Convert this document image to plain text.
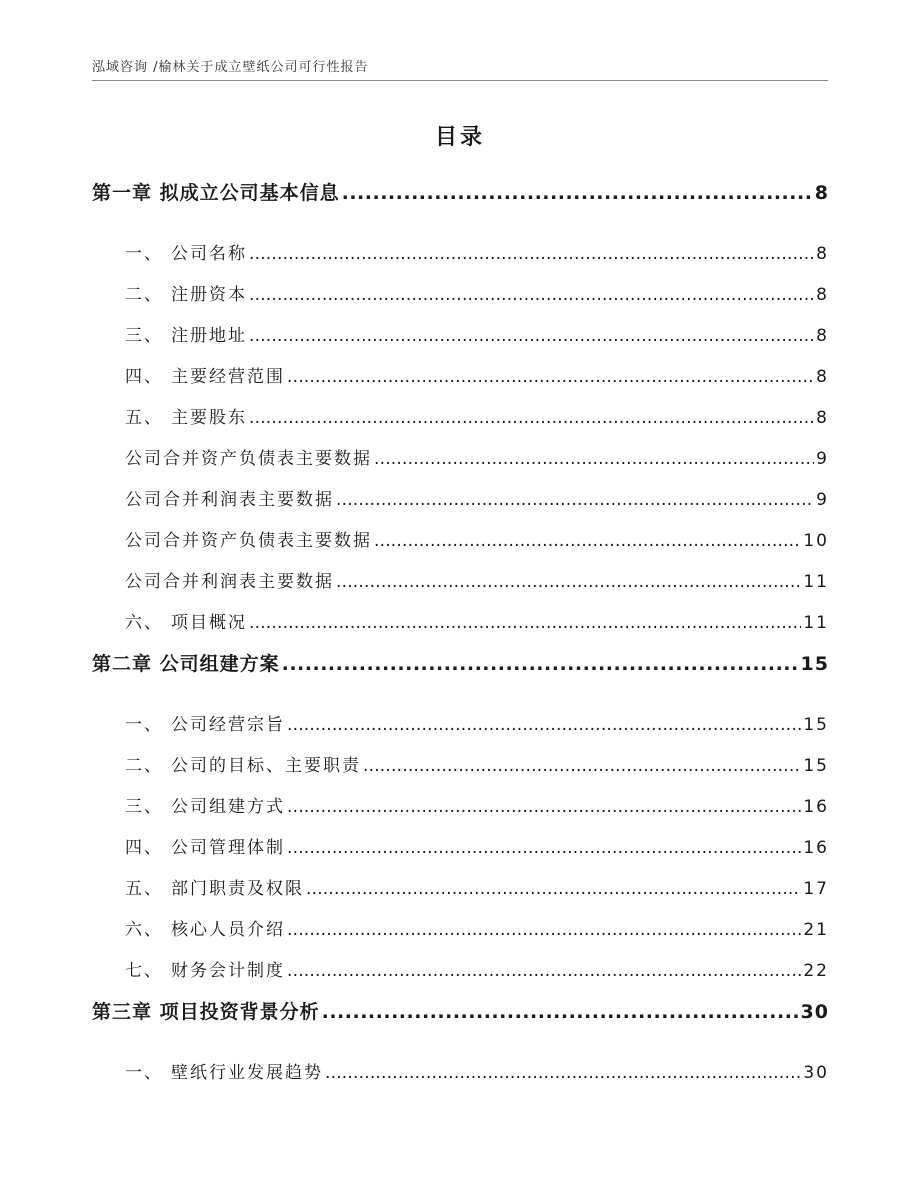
泓域咨询 /榆林关于成立壁纸公司可行性报告
目录
第一章 拟成立公司基本信息 .....	8
一、 公司名称 .....	8
二、 注册资本 .....	8
三、 注册地址 .....	8
四、 主要经营范围 .....	8
五、 主要股东 .....	8
公司合并资产负债表主要数据 .....	9
公司合并利润表主要数据 .....	9
公司合并资产负债表主要数据 .....	10
公司合并利润表主要数据 .....	11
六、 项目概况 .....	11
第二章 公司组建方案 .....	15
一、 公司经营宗旨 .....	15
二、 公司的目标、主要职责 .....	15
三、 公司组建方式 .....	16
四、 公司管理体制 .....	16
五、 部门职责及权限 .....	17
六、 核心人员介绍 .....	21
七、 财务会计制度 .....	22
第三章 项目投资背景分析 .....	30
一、 壁纸行业发展趋势 .....	30
